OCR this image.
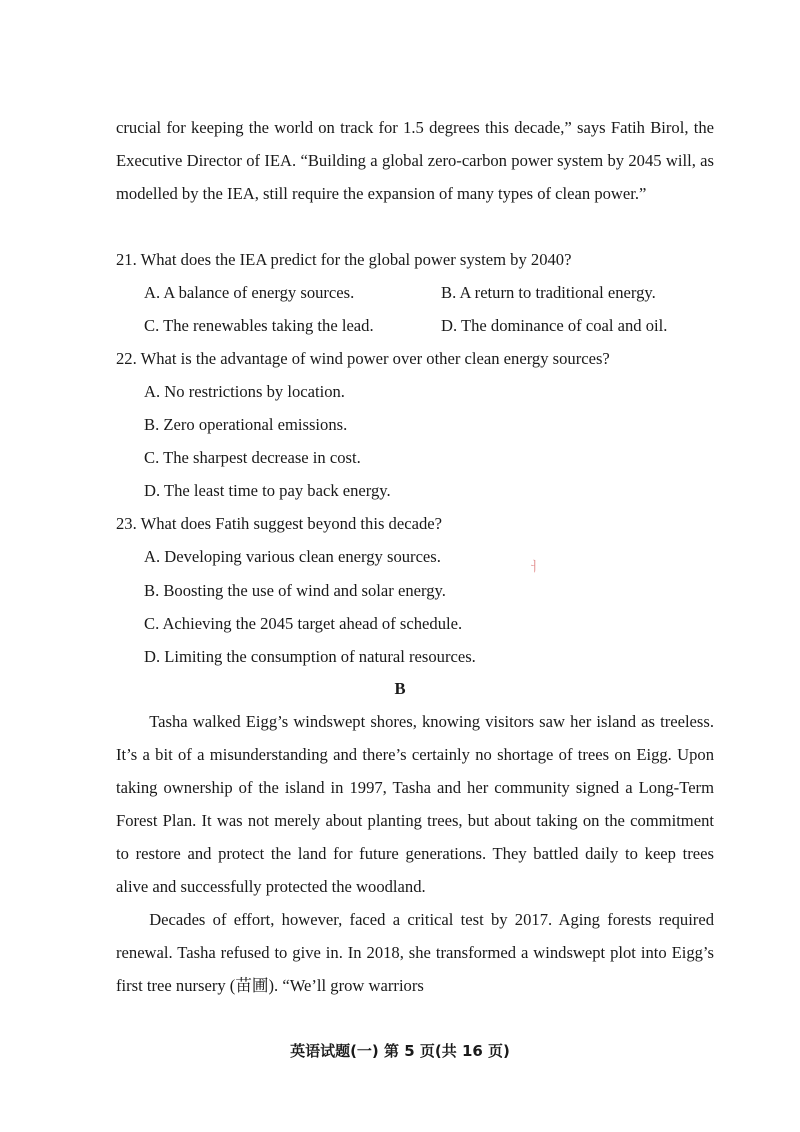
crucial for keeping the world on track for 1.5 degrees this decade,” says Fatih Birol, the Executive Director of IEA. “Building a global zero-carbon power system by 2045 will, as modelled by the IEA, still require the expansion of many types of clean power.”

21. What does the IEA predict for the global power system by 2040?
A. A balance of energy sources.	B. A return to traditional energy.
C. The renewables taking the lead.	D. The dominance of coal and oil.
22. What is the advantage of wind power over other clean energy sources?
A. No restrictions by location.
B. Zero operational emissions.
C. The sharpest decrease in cost.
D. The least time to pay back energy.
23. What does Fatih suggest beyond this decade?
A. Developing various clean energy sources.
B. Boosting the use of wind and solar energy.
C. Achieving the 2045 target ahead of schedule.
D. Limiting the consumption of natural resources.
ㅓ
B

Tasha walked Eigg’s windswept shores, knowing visitors saw her island as treeless. It’s a bit of a misunderstanding and there’s certainly no shortage of trees on Eigg. Upon taking ownership of the island in 1997, Tasha and her community signed a Long-Term Forest Plan. It was not merely about planting trees, but about taking on the commitment to restore and protect the land for future generations. They battled daily to keep trees alive and successfully protected the woodland.

Decades of effort, however, faced a critical test by 2017. Aging forests required renewal. Tasha refused to give in. In 2018, she transformed a windswept plot into Eigg’s first tree nursery (苗圃). “We’ll grow warriors

英语试题(一) 第 5 页(共 16 页)
